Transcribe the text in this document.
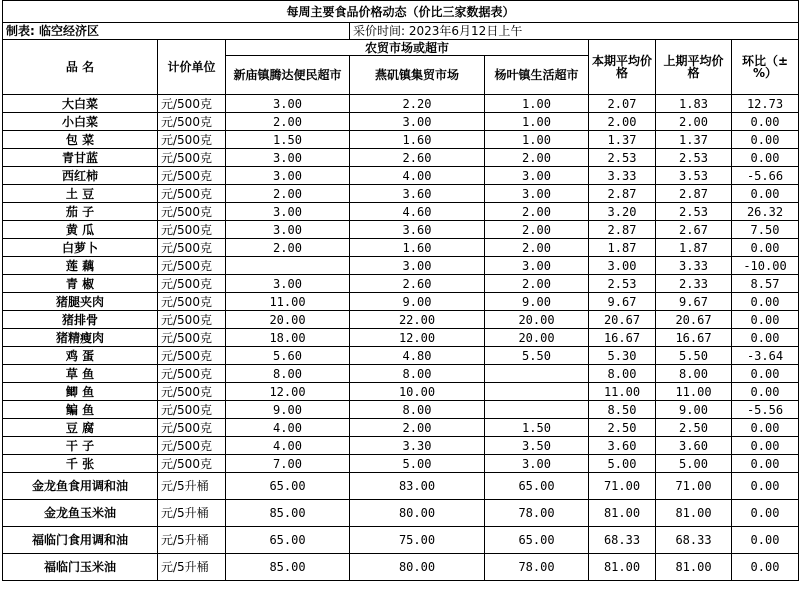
每周主要食品价格动态（价比三家数据表）							
制表: 临空经济区			采价时间: 2023年6月12日上午				
品 名	计价单位	农贸市场或超市			本期平均价格	上期平均价格	环比（±%）
		新庙镇腾达便民超市	燕矶镇集贸市场	杨叶镇生活超市			
大白菜	元/500克	3.00	2.20	1.00	2.07	1.83	12.73
小白菜	元/500克	2.00	3.00	1.00	2.00	2.00	0.00
包 菜	元/500克	1.50	1.60	1.00	1.37	1.37	0.00
青甘蓝	元/500克	3.00	2.60	2.00	2.53	2.53	0.00
西红柿	元/500克	3.00	4.00	3.00	3.33	3.53	-5.66
土 豆	元/500克	2.00	3.60	3.00	2.87	2.87	0.00
茄 子	元/500克	3.00	4.60	2.00	3.20	2.53	26.32
黄 瓜	元/500克	3.00	3.60	2.00	2.87	2.67	7.50
白萝卜	元/500克	2.00	1.60	2.00	1.87	1.87	0.00
莲 藕	元/500克		3.00	3.00	3.00	3.33	-10.00
青 椒	元/500克	3.00	2.60	2.00	2.53	2.33	8.57
猪腿夹肉	元/500克	11.00	9.00	9.00	9.67	9.67	0.00
猪排骨	元/500克	20.00	22.00	20.00	20.67	20.67	0.00
猪精瘦肉	元/500克	18.00	12.00	20.00	16.67	16.67	0.00
鸡 蛋	元/500克	5.60	4.80	5.50	5.30	5.50	-3.64
草 鱼	元/500克	8.00	8.00		8.00	8.00	0.00
鲫 鱼	元/500克	12.00	10.00		11.00	11.00	0.00
鳊 鱼	元/500克	9.00	8.00		8.50	9.00	-5.56
豆 腐	元/500克	4.00	2.00	1.50	2.50	2.50	0.00
干 子	元/500克	4.00	3.30	3.50	3.60	3.60	0.00
千 张	元/500克	7.00	5.00	3.00	5.00	5.00	0.00
金龙鱼食用调和油	元/5升桶	65.00	83.00	65.00	71.00	71.00	0.00
金龙鱼玉米油	元/5升桶	85.00	80.00	78.00	81.00	81.00	0.00
福临门食用调和油	元/5升桶	65.00	75.00	65.00	68.33	68.33	0.00
福临门玉米油	元/5升桶	85.00	80.00	78.00	81.00	81.00	0.00
